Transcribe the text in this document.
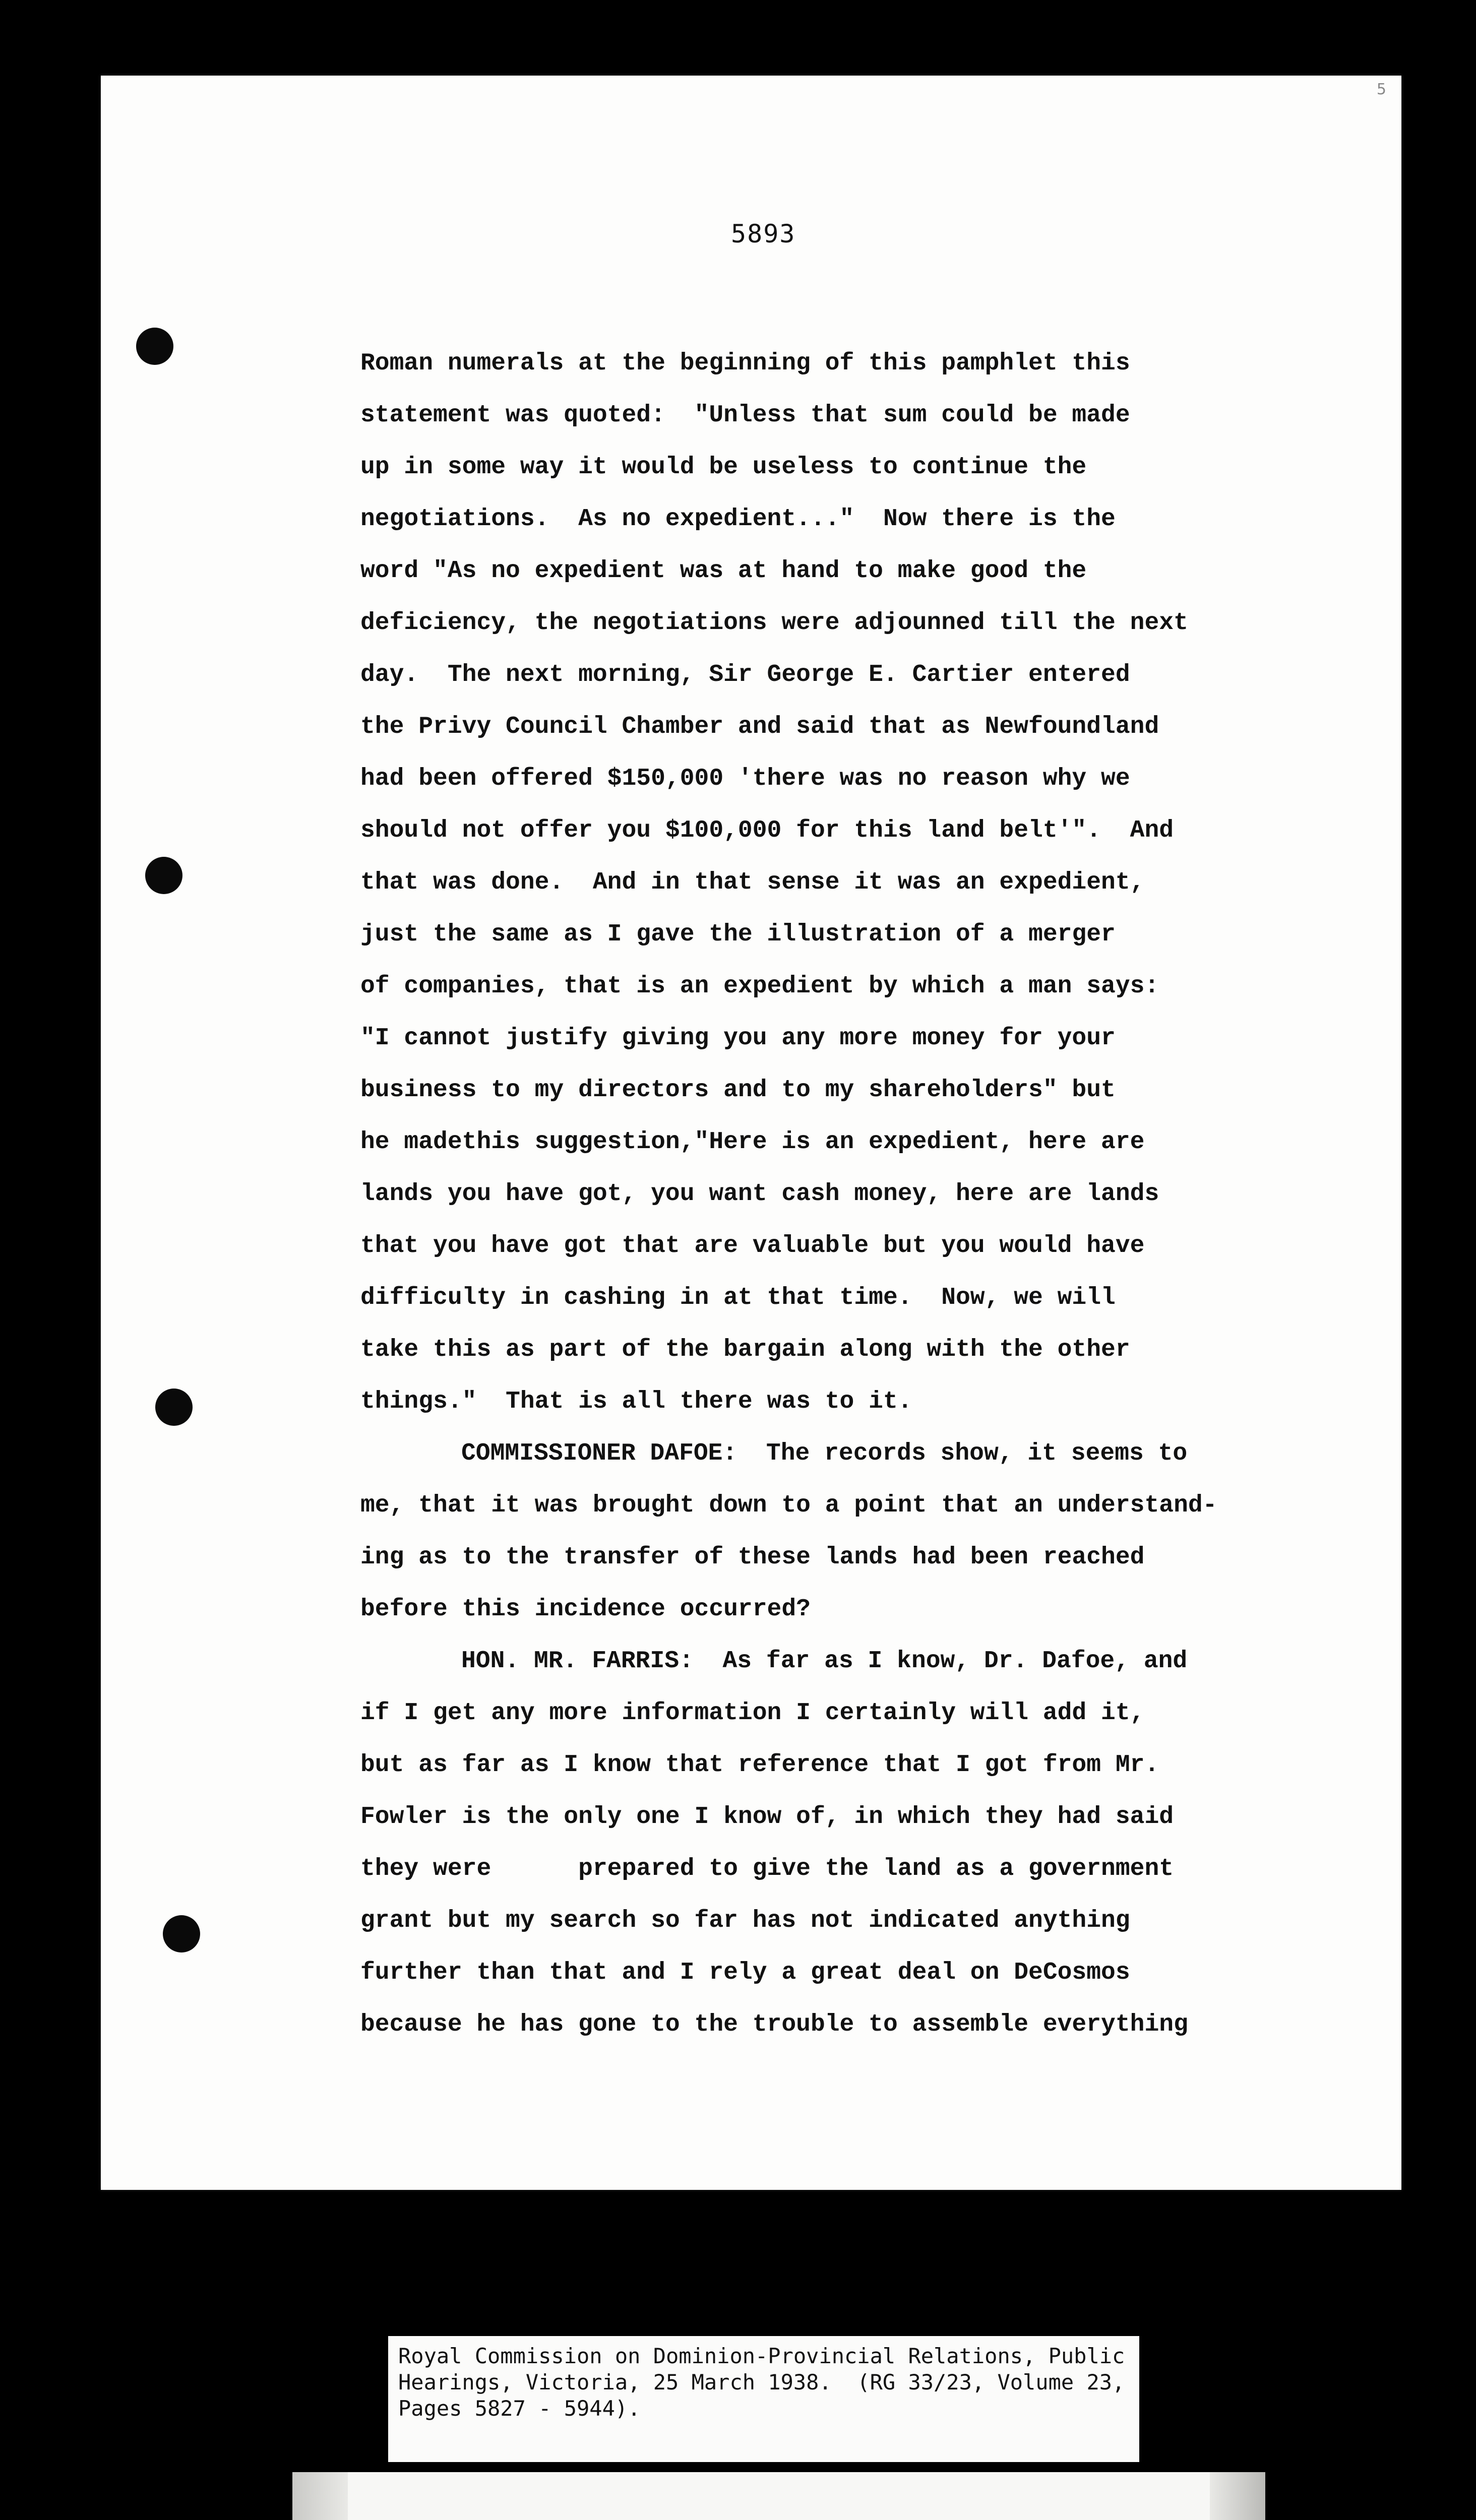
5
5893
Roman numerals at the beginning of this pamphlet this
statement was quoted:  "Unless that sum could be made
up in some way it would be useless to continue the
negotiations.  As no expedient..."  Now there is the
word "As no expedient was at hand to make good the
deficiency, the negotiations were adjounned till the next
day.  The next morning, Sir George E. Cartier entered
the Privy Council Chamber and said that as Newfoundland
had been offered $150,000 'there was no reason why we
should not offer you $100,000 for this land belt'".  And
that was done.  And in that sense it was an expedient,
just the same as I gave the illustration of a merger
of companies, that is an expedient by which a man says:
"I cannot justify giving you any more money for your
business to my directors and to my shareholders" but
he madethis suggestion,"Here is an expedient, here are
lands you have got, you want cash money, here are lands
that you have got that are valuable but you would have
difficulty in cashing in at that time.  Now, we will
take this as part of the bargain along with the other
things."  That is all there was to it.
COMMISSIONER DAFOE:  The records show, it seems to
me, that it was brought down to a point that an understand-
ing as to the transfer of these lands had been reached
before this incidence occurred?
HON. MR. FARRIS:  As far as I know, Dr. Dafoe, and
if I get any more information I certainly will add it,
but as far as I know that reference that I got from Mr.
Fowler is the only one I know of, in which they had said
they were      prepared to give the land as a government
grant but my search so far has not indicated anything
further than that and I rely a great deal on DeCosmos
because he has gone to the trouble to assemble everything
Royal Commission on Dominion-Provincial Relations, Public
Hearings, Victoria, 25 March 1938.  (RG 33/23, Volume 23,
Pages 5827 - 5944).
